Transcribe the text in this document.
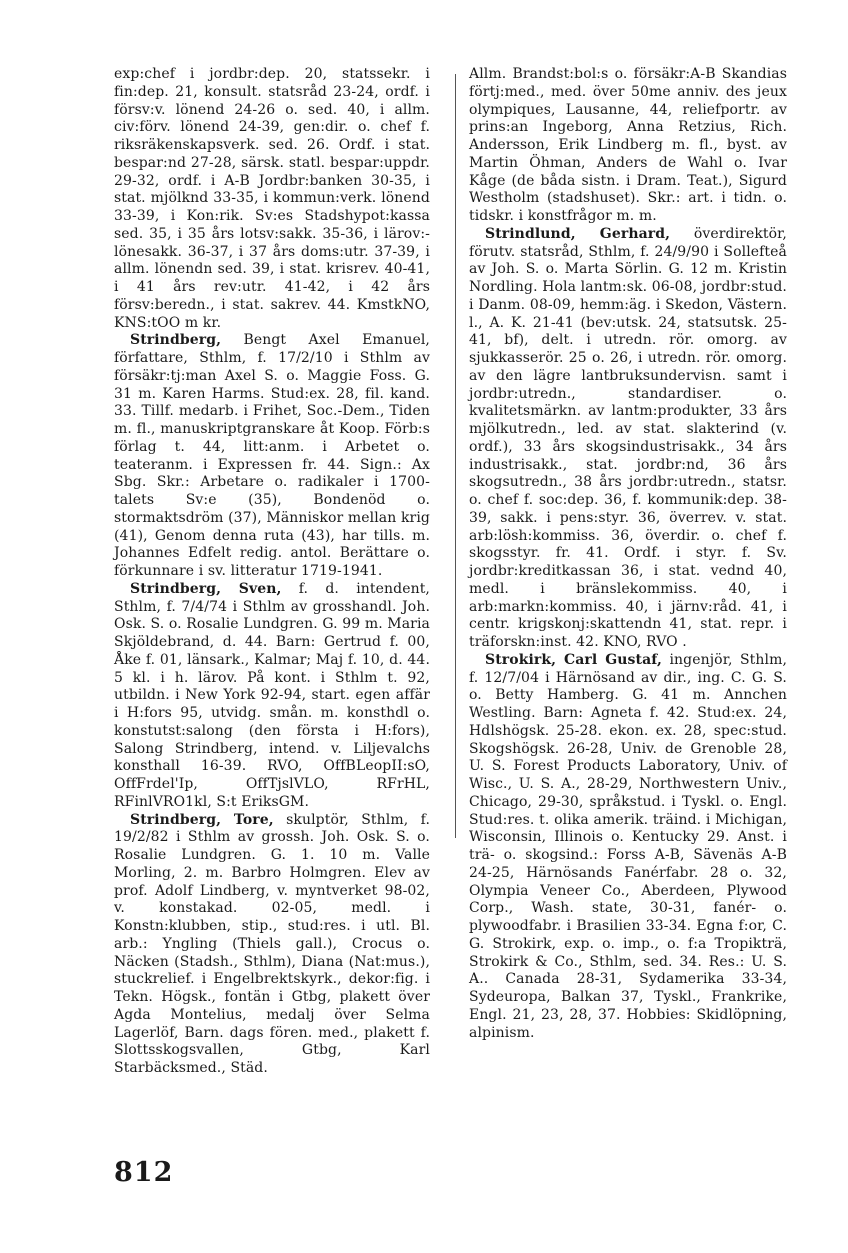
exp:chef i jordbr:dep. 20, statssekr. i fin:dep. 21, konsult. statsråd 23-24, ordf. i försv:v. lönend 24-26 o. sed. 40, i allm. civ:förv. lönend 24-39, gen:dir. o. chef f. riksräkenskapsverk. sed. 26. Ordf. i stat. bespar:nd 27-28, särsk. statl. bespar:uppdr. 29-32, ordf. i A-B Jordbr:banken 30-35, i stat. mjölknd 33-35, i kommun:verk. lönend 33-39, i Kon:rik. Sv:es Stadshypot:kassa sed. 35, i 35 års lotsv:sakk. 35-36, i lärov:-lönesakk. 36-37, i 37 års doms:utr. 37-39, i allm. lönendn sed. 39, i stat. krisrev. 40-41, i 41 års rev:utr. 41-42, i 42 års försv:beredn., i stat. sakrev. 44. KmstkNO, KNS:tOO m kr.

Strindberg, Bengt Axel Emanuel, författare, Sthlm, f. 17/2/10 i Sthlm av försäkr:tj:man Axel S. o. Maggie Foss. G. 31 m. Karen Harms. Stud:ex. 28, fil. kand. 33. Tillf. medarb. i Frihet, Soc.-Dem., Tiden m. fl., manuskriptgranskare åt Koop. Förb:s förlag t. 44, litt:anm. i Arbetet o. teateranm. i Expressen fr. 44. Sign.: Ax Sbg. Skr.: Arbetare o. radikaler i 1700-talets Sv:e (35), Bondenöd o. stormaktsdröm (37), Människor mellan krig (41), Genom denna ruta (43), har tills. m. Johannes Edfelt redig. antol. Berättare o. förkunnare i sv. litteratur 1719-1941.

Strindberg, Sven, f. d. intendent, Sthlm, f. 7/4/74 i Sthlm av grosshandl. Joh. Osk. S. o. Rosalie Lundgren. G. 99 m. Maria Skjöldebrand, d. 44. Barn: Gertrud f. 00, Åke f. 01, länsark., Kalmar; Maj f. 10, d. 44. 5 kl. i h. lärov. På kont. i Sthlm t. 92, utbildn. i New York 92-94, start. egen affär i H:fors 95, utvidg. smån. m. konsthdl o. konstutst:salong (den första i H:fors), Salong Strindberg, intend. v. Liljevalchs konsthall 16-39. RVO, OffBLeopII:sO, OffFrdel'Ip, OffTjslVLO, RFrHL, RFinlVRO1kl, S:t EriksGM.

Strindberg, Tore, skulptör, Sthlm, f. 19/2/82 i Sthlm av grossh. Joh. Osk. S. o. Rosalie Lundgren. G. 1. 10 m. Valle Morling, 2. m. Barbro Holmgren. Elev av prof. Adolf Lindberg, v. myntverket 98-02, v. konstakad. 02-05, medl. i Konstn:klubben, stip., stud:res. i utl. Bl. arb.: Yngling (Thiels gall.), Crocus o. Näcken (Stadsh., Sthlm), Diana (Nat:mus.), stuckrelief. i Engelbrektskyrk., dekor:fig. i Tekn. Högsk., fontän i Gtbg, plakett över Agda Montelius, medalj över Selma Lagerlöf, Barn. dags fören. med., plakett f. Slottsskogsvallen, Gtbg, Karl Starbäcksmed., Städ.

Allm. Brandst:bol:s o. försäkr:A-B Skandias förtj:med., med. över 50me anniv. des jeux olympiques, Lausanne, 44, reliefportr. av prins:an Ingeborg, Anna Retzius, Rich. Andersson, Erik Lindberg m. fl., byst. av Martin Öhman, Anders de Wahl o. Ivar Kåge (de båda sistn. i Dram. Teat.), Sigurd Westholm (stadshuset). Skr.: art. i tidn. o. tidskr. i konstfrågor m. m.

Strindlund, Gerhard, överdirektör, förutv. statsråd, Sthlm, f. 24/9/90 i Sollefteå av Joh. S. o. Marta Sörlin. G. 12 m. Kristin Nordling. Hola lantm:sk. 06-08, jordbr:stud. i Danm. 08-09, hemm:äg. i Skedon, Västern. l., A. K. 21-41 (bev:utsk. 24, statsutsk. 25-41, bf), delt. i utredn. rör. omorg. av sjukkasserör. 25 o. 26, i utredn. rör. omorg. av den lägre lantbruksundervisn. samt i jordbr:utredn., standardiser. o. kvalitetsmärkn. av lantm:produkter, 33 års mjölkutredn., led. av stat. slakterind (v. ordf.), 33 års skogsindustrisakk., 34 års industrisakk., stat. jordbr:nd, 36 års skogsutredn., 38 års jordbr:utredn., statsr. o. chef f. soc:dep. 36, f. kommunik:dep. 38-39, sakk. i pens:styr. 36, överrev. v. stat. arb:lösh:kommiss. 36, överdir. o. chef f. skogsstyr. fr. 41. Ordf. i styr. f. Sv. jordbr:kreditkassan 36, i stat. vednd 40, medl. i bränslekommiss. 40, i arb:markn:kommiss. 40, i järnv:råd. 41, i centr. krigskonj:skattendn 41, stat. repr. i träforskn:inst. 42. KNO, RVO .

Strokirk, Carl Gustaf, ingenjör, Sthlm, f. 12/7/04 i Härnösand av dir., ing. C. G. S. o. Betty Hamberg. G. 41 m. Annchen Westling. Barn: Agneta f. 42. Stud:ex. 24, Hdlshögsk. 25-28. ekon. ex. 28, spec:stud. Skogshögsk. 26-28, Univ. de Grenoble 28, U. S. Forest Products Laboratory, Univ. of Wisc., U. S. A., 28-29, Northwestern Univ., Chicago, 29-30, språkstud. i Tyskl. o. Engl. Stud:res. t. olika amerik. träind. i Michigan, Wisconsin, Illinois o. Kentucky 29. Anst. i trä- o. skogsind.: Forss A-B, Sävenäs A-B 24-25, Härnösands Fanérfabr. 28 o. 32, Olympia Veneer Co., Aberdeen, Plywood Corp., Wash. state, 30-31, fanér- o. plywoodfabr. i Brasilien 33-34. Egna f:or, C. G. Strokirk, exp. o. imp., o. f:a Tropikträ, Strokirk & Co., Sthlm, sed. 34. Res.: U. S. A.. Canada 28-31, Sydamerika 33-34, Sydeuropa, Balkan 37, Tyskl., Frankrike, Engl. 21, 23, 28, 37. Hobbies: Skidlöpning, alpinism.

812
